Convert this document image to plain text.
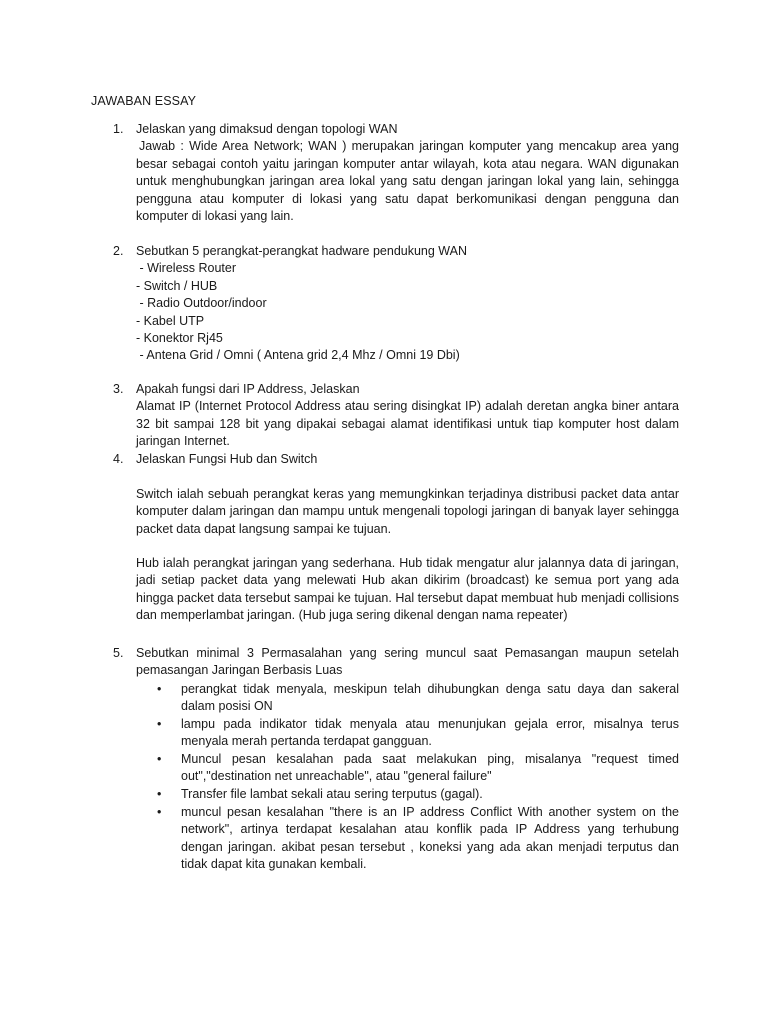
JAWABAN ESSAY
1. Jelaskan yang dimaksud dengan topologi WAN
Jawab : Wide Area Network; WAN ) merupakan jaringan komputer yang mencakup area yang besar sebagai contoh yaitu jaringan komputer antar wilayah, kota atau negara. WAN digunakan untuk menghubungkan jaringan area lokal yang satu dengan jaringan lokal yang lain, sehingga pengguna atau komputer di lokasi yang satu dapat berkomunikasi dengan pengguna dan komputer di lokasi yang lain.
2. Sebutkan 5 perangkat-perangkat hadware pendukung WAN
- Wireless Router
- Switch / HUB
- Radio Outdoor/indoor
- Kabel UTP
- Konektor Rj45
- Antena Grid / Omni ( Antena grid 2,4 Mhz / Omni 19 Dbi)
3. Apakah fungsi dari IP Address, Jelaskan
Alamat IP (Internet Protocol Address atau sering disingkat IP) adalah deretan angka biner antara 32 bit sampai 128 bit yang dipakai sebagai alamat identifikasi untuk tiap komputer host dalam jaringan Internet.
4. Jelaskan Fungsi Hub dan Switch
Switch ialah sebuah perangkat keras yang memungkinkan terjadinya distribusi packet data antar komputer dalam jaringan dan mampu untuk mengenali topologi jaringan di banyak layer sehingga packet data dapat langsung sampai ke tujuan.
Hub ialah perangkat jaringan yang sederhana. Hub tidak mengatur alur jalannya data di jaringan, jadi setiap packet data yang melewati Hub akan dikirim (broadcast) ke semua port yang ada hingga packet data tersebut sampai ke tujuan. Hal tersebut dapat membuat hub menjadi collisions dan memperlambat jaringan. (Hub juga sering dikenal dengan nama repeater)
5. Sebutkan minimal 3 Permasalahan yang sering muncul saat Pemasangan maupun setelah pemasangan Jaringan Berbasis Luas
• perangkat tidak menyala, meskipun telah dihubungkan denga satu daya dan sakeral dalam posisi ON
• lampu pada indikator tidak menyala atau menunjukan gejala error, misalnya terus menyala merah pertanda terdapat gangguan.
• Muncul pesan kesalahan pada saat melakukan ping, misalanya "request timed out","destination net unreachable", atau "general failure"
• Transfer file lambat sekali atau sering terputus (gagal).
• muncul pesan kesalahan "there is an IP address Conflict With another system on the network", artinya terdapat kesalahan atau konflik pada IP Address yang terhubung dengan jaringan. akibat pesan tersebut , koneksi yang ada akan menjadi terputus dan tidak dapat kita gunakan kembali.
